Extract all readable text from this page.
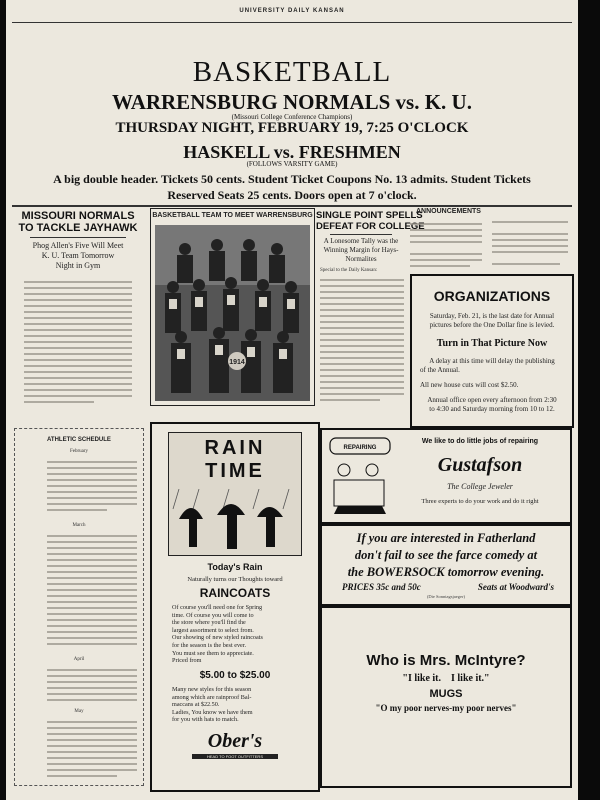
UNIVERSITY DAILY KANSAN
BASKETBALL
WARRENSBURG NORMALS vs. K. U.
(Missouri College Conference Champions)
THURSDAY NIGHT, FEBRUARY 19, 7:25 O'CLOCK
HASKELL vs. FRESHMEN
(FOLLOWS VARSITY GAME)
A big double header. Tickets 50 cents. Student Ticket Coupons No. 13 admits. Student Tickets
Reserved Seats 25 cents. Doors open at 7 o'clock.
MISSOURI NORMALS
TO TACKLE JAYHAWK
Phog Allen's Five Will Meet
K. U. Team Tomorrow
Night in Gym
BASKETBALL TEAM TO MEET WARRENSBURG
1914
SINGLE POINT SPELLS
DEFEAT FOR COLLEGE
A Lonesome Tally was the
Winning Margin for Hays-
Normalites
Special to the Daily Kansan:
ANNOUNCEMENTS
ORGANIZATIONS
Saturday, Feb. 21, is the last date for Annual
pictures before the One Dollar fine is levied.
Turn in That Picture Now
A delay at this time will delay the publishing
of the Annual.
All new house cuts will cost $2.50.
Annual office open every afternoon from 2:30
to 4:30 and Saturday morning from 10 to 12.
ATHLETIC SCHEDULE
February
March
April
May
RAIN
TIME
Today's Rain
Naturally turns our Thoughts toward
RAINCOATS
Of course you'll need one for Spring
time. Of course you will come to
the store where you'll find the
largest assortment to select from.
Our showing of new styled raincoats
for the season is the best ever.
You must see them to appreciate.
Priced from
$5.00 to $25.00
Many new styles for this season
among which are rainproof Bal-
maccans at $22.50.
Ladies, You know we have them
for you with hats to match.
Ober's
HEAD TO FOOT OUTFITTERS
REPAIRING
We like to do little jobs of repairing
Gustafson
The College Jeweler
Three experts to do your work and do it right
If you are interested in Fatherland
don't fail to see the farce comedy at
the BOWERSOCK tomorrow evening.
PRICES 35c and 50c	Seats at Woodward's
(Die Sonntagsjaeger)
Who is Mrs. McIntyre?
"I like it.    I like it."
MUGS
"O my poor nerves-my poor nerves"
